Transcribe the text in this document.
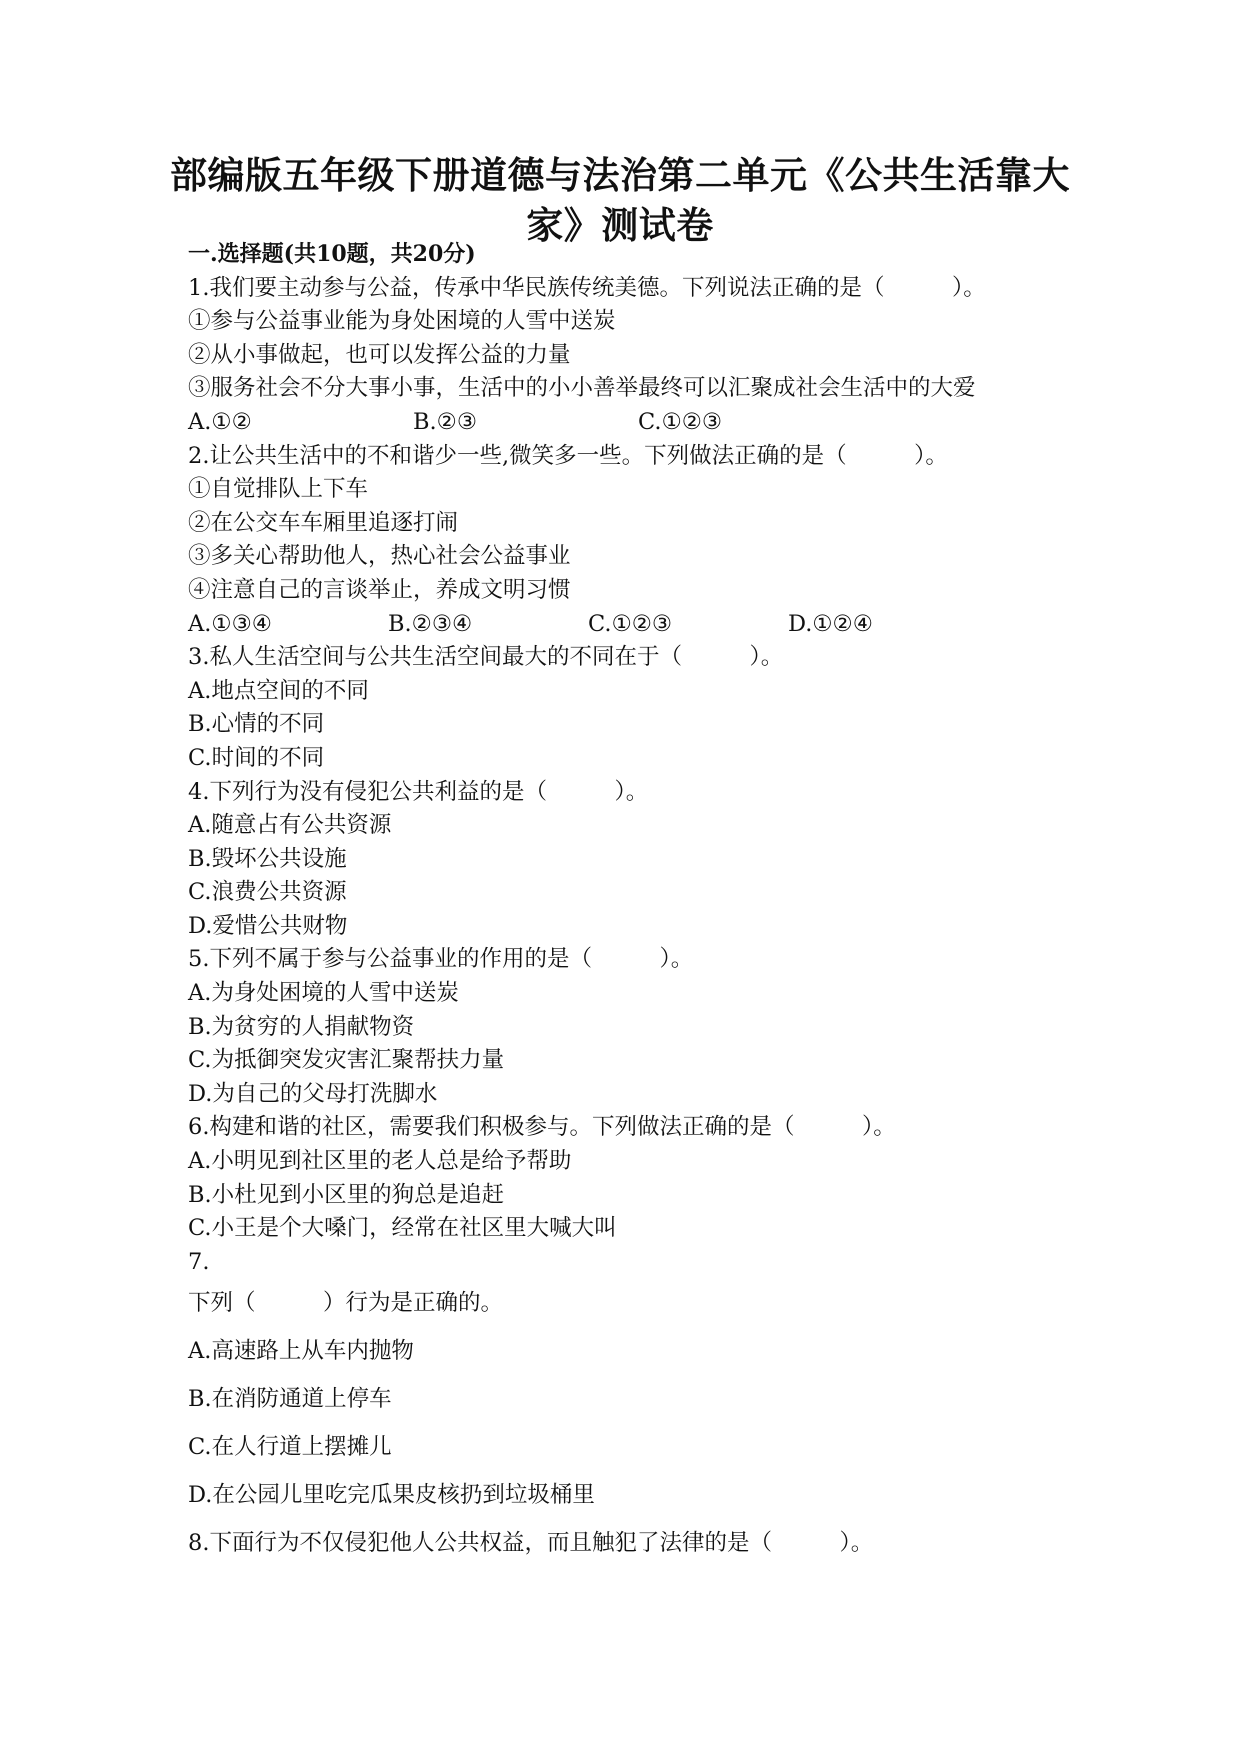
部编版五年级下册道德与法治第二单元《公共生活靠大家》测试卷
一.选择题(共10题，共20分)
1.我们要主动参与公益，传承中华民族传统美德。下列说法正确的是（　　　）。
①参与公益事业能为身处困境的人雪中送炭
②从小事做起，也可以发挥公益的力量
③服务社会不分大事小事，生活中的小小善举最终可以汇聚成社会生活中的大爱
A.①②	B.②③	C.①②③
2.让公共生活中的不和谐少一些,微笑多一些。下列做法正确的是（　　　）。
①自觉排队上下车
②在公交车车厢里追逐打闹
③多关心帮助他人，热心社会公益事业
④注意自己的言谈举止，养成文明习惯
A.①③④	B.②③④	C.①②③	D.①②④
3.私人生活空间与公共生活空间最大的不同在于（　　　）。
A.地点空间的不同
B.心情的不同
C.时间的不同
4.下列行为没有侵犯公共利益的是（　　　）。
A.随意占有公共资源
B.毁坏公共设施
C.浪费公共资源
D.爱惜公共财物
5.下列不属于参与公益事业的作用的是（　　　）。
A.为身处困境的人雪中送炭
B.为贫穷的人捐献物资
C.为抵御突发灾害汇聚帮扶力量
D.为自己的父母打洗脚水
6.构建和谐的社区，需要我们积极参与。下列做法正确的是（　　　）。
A.小明见到社区里的老人总是给予帮助
B.小杜见到小区里的狗总是追赶
C.小王是个大嗓门，经常在社区里大喊大叫
7.
下列（　　　）行为是正确的。
A.高速路上从车内抛物
B.在消防通道上停车
C.在人行道上摆摊儿
D.在公园儿里吃完瓜果皮核扔到垃圾桶里
8.下面行为不仅侵犯他人公共权益，而且触犯了法律的是（　　　）。
